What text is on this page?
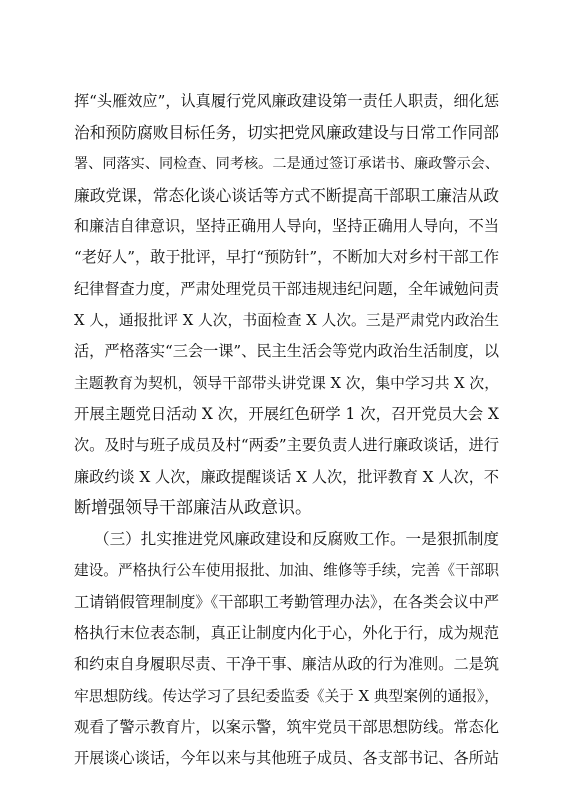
挥“头雁效应”，认真履行党风廉政建设第一责任人职责，细化惩
治和预防腐败目标任务，切实把党风廉政建设与日常工作同部
署、同落实、同检查、同考核。二是通过签订承诺书、廉政警示会、
廉政党课，常态化谈心谈话等方式不断提高干部职工廉洁从政
和廉洁自律意识，坚持正确用人导向，坚持正确用人导向，不当
“老好人”，敢于批评，早打“预防针”，不断加大对乡村干部工作
纪律督查力度，严肃处理党员干部违规违纪问题，全年诫勉问责
X 人，通报批评 X 人次，书面检查 X 人次。三是严肃党内政治生
活，严格落实“三会一课”、民主生活会等党内政治生活制度，以
主题教育为契机，领导干部带头讲党课 X 次，集中学习共 X 次，
开展主题党日活动 X 次，开展红色研学 1 次，召开党员大会 X
次。及时与班子成员及村“两委”主要负责人进行廉政谈话，进行
廉政约谈 X 人次，廉政提醒谈话 X 人次，批评教育 X 人次，不
断增强领导干部廉洁从政意识。
（三）扎实推进党风廉政建设和反腐败工作。一是狠抓制度
建设。严格执行公车使用报批、加油、维修等手续，完善《干部职
工请销假管理制度》《干部职工考勤管理办法》，在各类会议中严
格执行末位表态制，真正让制度内化于心，外化于行，成为规范
和约束自身履职尽责、干净干事、廉洁从政的行为准则。二是筑
牢思想防线。传达学习了县纪委监委《关于 X 典型案例的通报》，
观看了警示教育片，以案示警，筑牢党员干部思想防线。常态化
开展谈心谈话，今年以来与其他班子成员、各支部书记、各所站
